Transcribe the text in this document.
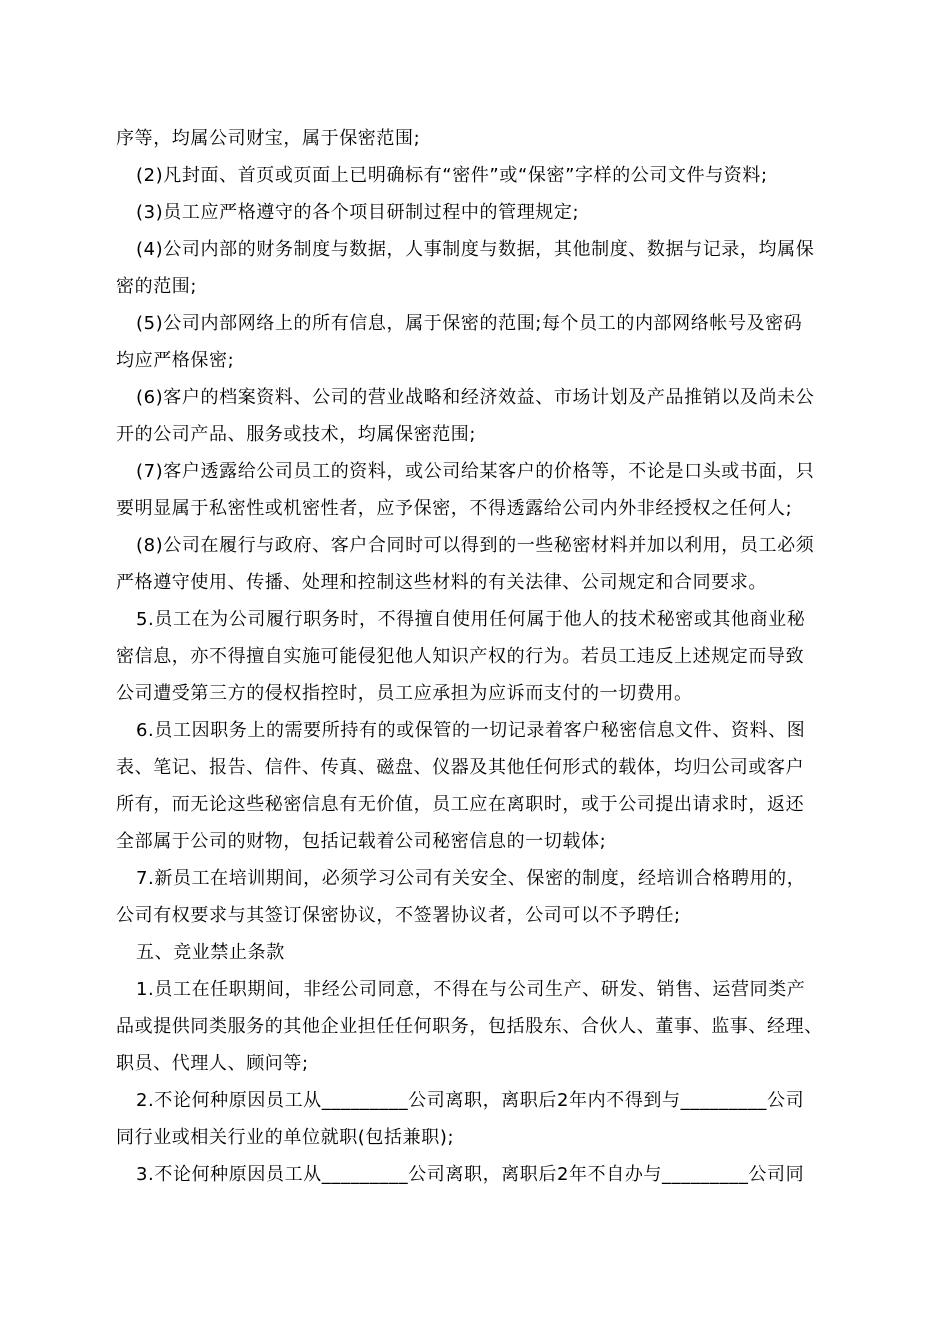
序等，均属公司财宝，属于保密范围;
(2)凡封面、首页或页面上已明确标有“密件”或“保密”字样的公司文件与资料;
(3)员工应严格遵守的各个项目研制过程中的管理规定;
(4)公司内部的财务制度与数据，人事制度与数据，其他制度、数据与记录，均属保
密的范围;
(5)公司内部网络上的所有信息，属于保密的范围;每个员工的内部网络帐号及密码
均应严格保密;
(6)客户的档案资料、公司的营业战略和经济效益、市场计划及产品推销以及尚未公
开的公司产品、服务或技术，均属保密范围;
(7)客户透露给公司员工的资料，或公司给某客户的价格等，不论是口头或书面，只
要明显属于私密性或机密性者，应予保密，不得透露给公司内外非经授权之任何人;
(8)公司在履行与政府、客户合同时可以得到的一些秘密材料并加以利用，员工必须
严格遵守使用、传播、处理和控制这些材料的有关法律、公司规定和合同要求。
5.员工在为公司履行职务时，不得擅自使用任何属于他人的技术秘密或其他商业秘
密信息，亦不得擅自实施可能侵犯他人知识产权的行为。若员工违反上述规定而导致
公司遭受第三方的侵权指控时，员工应承担为应诉而支付的一切费用。
6.员工因职务上的需要所持有的或保管的一切记录着客户秘密信息文件、资料、图
表、笔记、报告、信件、传真、磁盘、仪器及其他任何形式的载体，均归公司或客户
所有，而无论这些秘密信息有无价值，员工应在离职时，或于公司提出请求时，返还
全部属于公司的财物，包括记载着公司秘密信息的一切载体;
7.新员工在培训期间，必须学习公司有关安全、保密的制度，经培训合格聘用的，
公司有权要求与其签订保密协议，不签署协议者，公司可以不予聘任;
五、竞业禁止条款
1.员工在任职期间，非经公司同意，不得在与公司生产、研发、销售、运营同类产
品或提供同类服务的其他企业担任任何职务，包括股东、合伙人、董事、监事、经理、
职员、代理人、顾问等;
2.不论何种原因员工从_________公司离职，离职后2年内不得到与_________公司
同行业或相关行业的单位就职(包括兼职);
3.不论何种原因员工从_________公司离职，离职后2年不自办与_________公司同
